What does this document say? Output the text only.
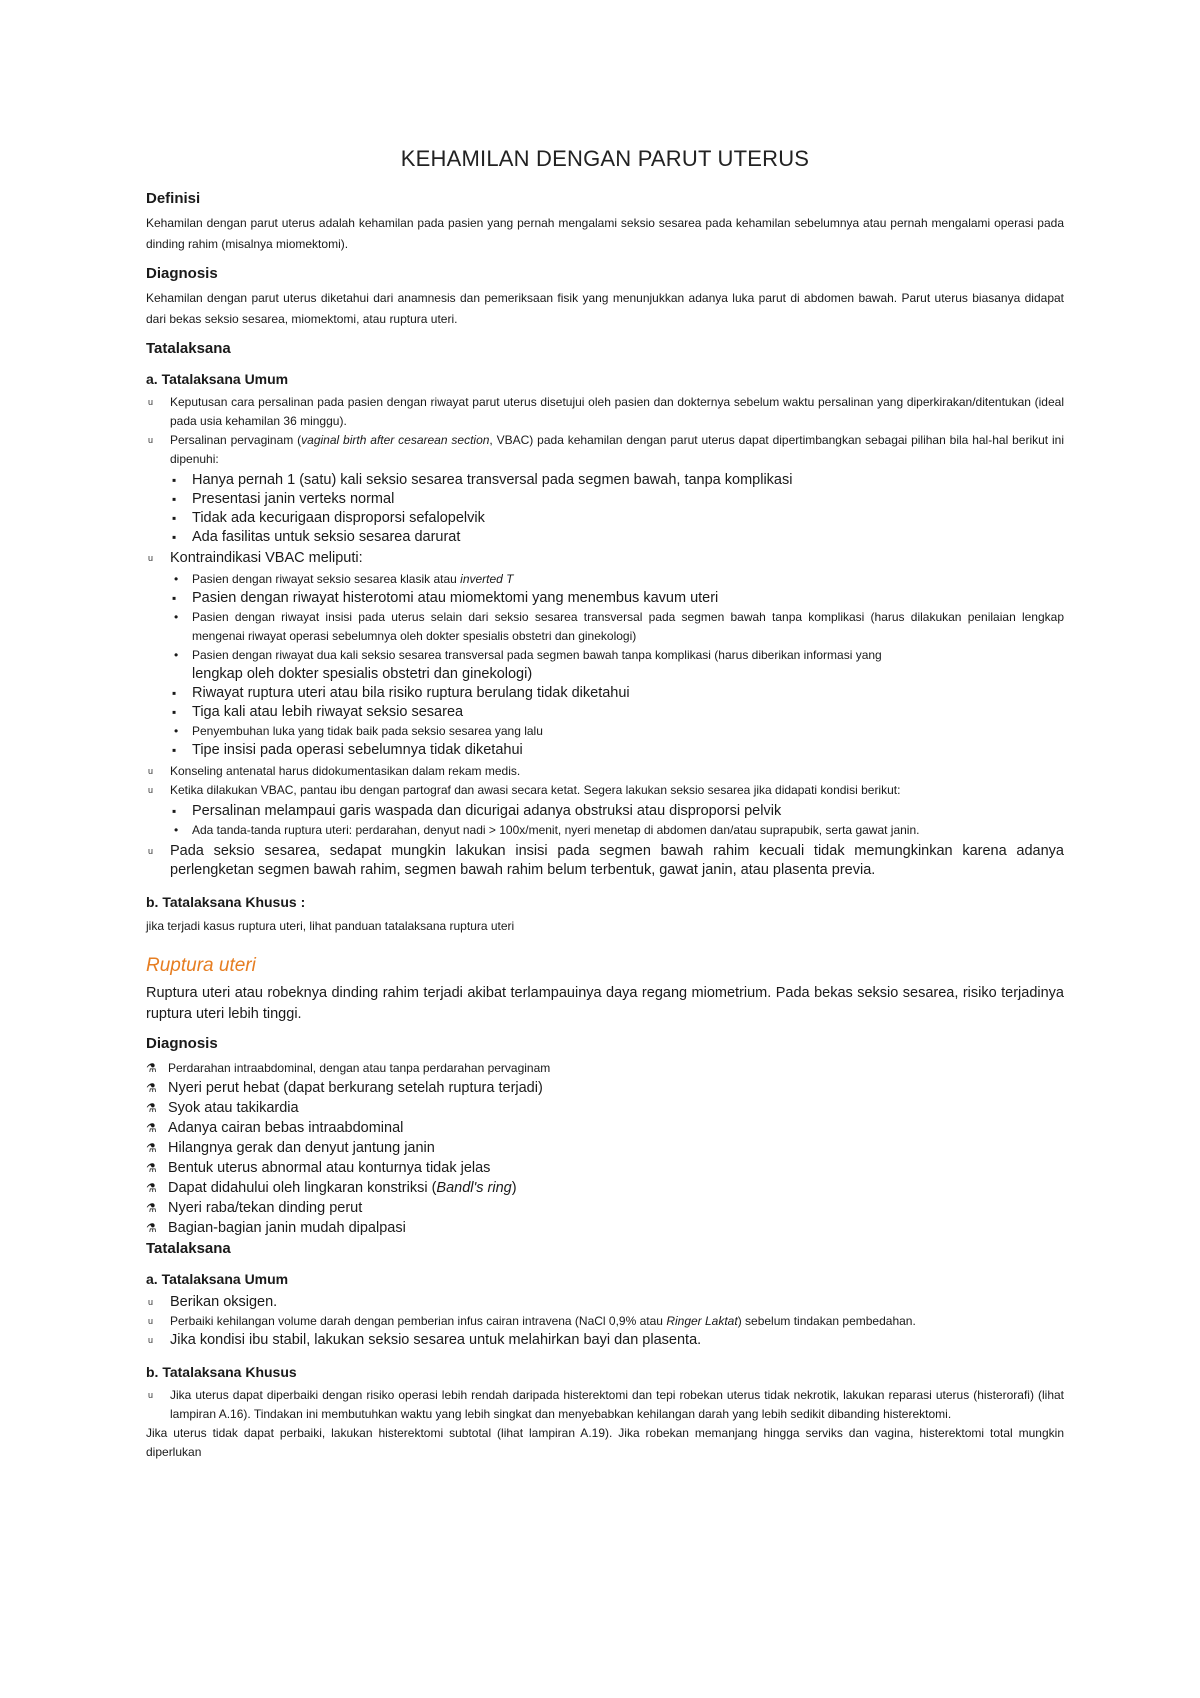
KEHAMILAN DENGAN PARUT UTERUS
Definisi

Kehamilan dengan parut uterus adalah kehamilan pada pasien yang pernah mengalami seksio sesarea pada kehamilan sebelumnya atau pernah mengalami operasi pada dinding rahim (misalnya miomektomi).

Diagnosis

Kehamilan dengan parut uterus diketahui dari anamnesis dan pemeriksaan fisik yang menunjukkan adanya luka parut di abdomen bawah. Parut uterus biasanya didapat dari bekas seksio sesarea, miomektomi, atau ruptura uteri.

Tatalaksana
a. Tatalaksana Umum
u Keputusan cara persalinan pada pasien dengan riwayat parut uterus disetujui oleh pasien dan dokternya sebelum waktu persalinan yang diperkirakan/ditentukan (ideal pada usia kehamilan 36 minggu).
u Persalinan pervaginam (vaginal birth after cesarean section, VBAC) pada kehamilan dengan parut uterus dapat dipertimbangkan sebagai pilihan bila hal-hal berikut ini dipenuhi:
▪ Hanya pernah 1 (satu) kali seksio sesarea transversal pada segmen bawah, tanpa komplikasi
▪ Presentasi janin verteks normal
▪ Tidak ada kecurigaan disproporsi sefalopelvik
▪ Ada fasilitas untuk seksio sesarea darurat
u Kontraindikasi VBAC meliputi:
• Pasien dengan riwayat seksio sesarea klasik atau inverted T
▪ Pasien dengan riwayat histerotomi atau miomektomi yang menembus kavum uteri
• Pasien dengan riwayat insisi pada uterus selain dari seksio sesarea transversal pada segmen bawah tanpa komplikasi (harus dilakukan penilaian lengkap mengenai riwayat operasi sebelumnya oleh dokter spesialis obstetri dan ginekologi)
• Pasien dengan riwayat dua kali seksio sesarea transversal pada segmen bawah tanpa komplikasi (harus diberikan informasi yang
lengkap oleh dokter spesialis obstetri dan ginekologi)
▪ Riwayat ruptura uteri atau bila risiko ruptura berulang tidak diketahui
▪ Tiga kali atau lebih riwayat seksio sesarea
• Penyembuhan luka yang tidak baik pada seksio sesarea yang lalu
▪ Tipe insisi pada operasi sebelumnya tidak diketahui
u Konseling antenatal harus didokumentasikan dalam rekam medis.
u Ketika dilakukan VBAC, pantau ibu dengan partograf dan awasi secara ketat. Segera lakukan seksio sesarea jika didapati kondisi berikut:
▪ Persalinan melampaui garis waspada dan dicurigai adanya obstruksi atau disproporsi pelvik
• Ada tanda-tanda ruptura uteri: perdarahan, denyut nadi > 100x/menit, nyeri menetap di abdomen dan/atau suprapubik, serta gawat janin.
u Pada seksio sesarea, sedapat mungkin lakukan insisi pada segmen bawah rahim kecuali tidak memungkinkan karena adanya perlengketan segmen bawah rahim, segmen bawah rahim belum terbentuk, gawat janin, atau plasenta previa.
b. Tatalaksana Khusus :

jika terjadi kasus ruptura uteri, lihat panduan tatalaksana ruptura uteri

Ruptura uteri

Ruptura uteri atau robeknya dinding rahim terjadi akibat terlampauinya daya regang miometrium. Pada bekas seksio sesarea, risiko terjadinya ruptura uteri lebih tinggi.

Diagnosis
⚗ Perdarahan intraabdominal, dengan atau tanpa perdarahan pervaginam
⚗ Nyeri perut hebat (dapat berkurang setelah ruptura terjadi)
⚗ Syok atau takikardia
⚗ Adanya cairan bebas intraabdominal
⚗ Hilangnya gerak dan denyut jantung janin
⚗ Bentuk uterus abnormal atau konturnya tidak jelas
⚗ Dapat didahului oleh lingkaran konstriksi (Bandl's ring)
⚗ Nyeri raba/tekan dinding perut
⚗ Bagian-bagian janin mudah dipalpasi
Tatalaksana
a. Tatalaksana Umum
u Berikan oksigen.
u Perbaiki kehilangan volume darah dengan pemberian infus cairan intravena (NaCl 0,9% atau Ringer Laktat) sebelum tindakan pembedahan.
u Jika kondisi ibu stabil, lakukan seksio sesarea untuk melahirkan bayi dan plasenta.
b. Tatalaksana Khusus
u Jika uterus dapat diperbaiki dengan risiko operasi lebih rendah daripada histerektomi dan tepi robekan uterus tidak nekrotik, lakukan reparasi uterus (histerorafi) (lihat lampiran A.16). Tindakan ini membutuhkan waktu yang lebih singkat dan menyebabkan kehilangan darah yang lebih sedikit dibanding histerektomi.

Jika uterus tidak dapat perbaiki, lakukan histerektomi subtotal (lihat lampiran A.19). Jika robekan memanjang hingga serviks dan vagina, histerektomi total mungkin diperlukan
